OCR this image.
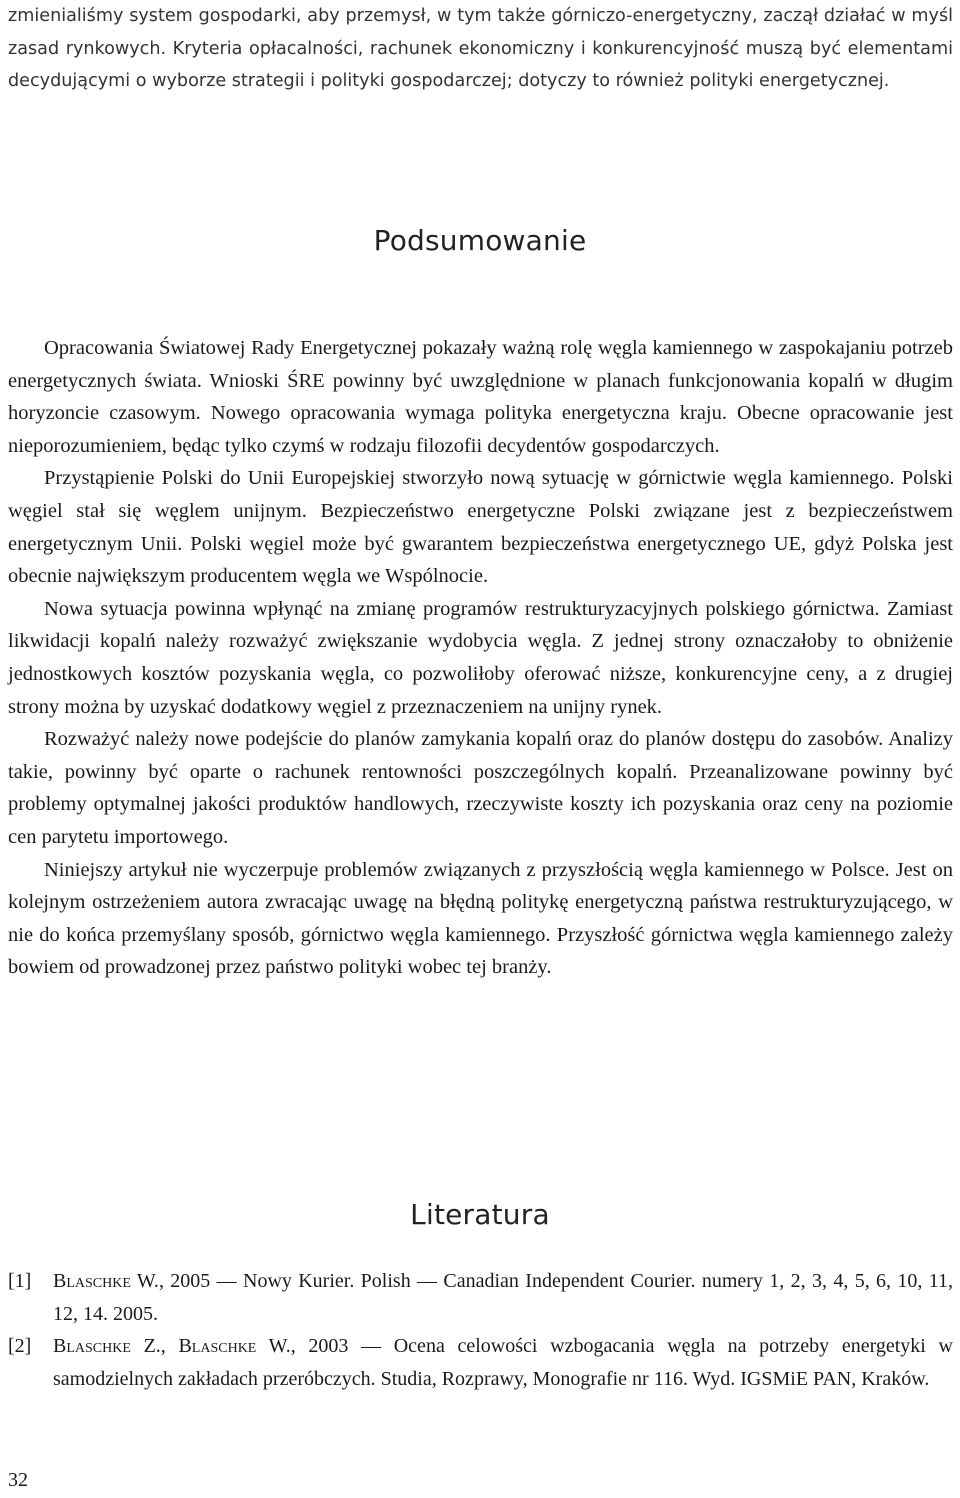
zmienialiśmy system gospodarki, aby przemysł, w tym także górniczo-energetyczny, zaczął działać w myśl zasad rynkowych. Kryteria opłacalności, rachunek ekonomiczny i konkurencyjność muszą być elementami decydującymi o wyborze strategii i polityki gospodarczej; dotyczy to również polityki energetycznej.

Podsumowanie

Opracowania Światowej Rady Energetycznej pokazały ważną rolę węgla kamiennego w zaspokajaniu potrzeb energetycznych świata. Wnioski ŚRE powinny być uwzględnione w planach funkcjonowania kopalń w długim horyzoncie czasowym. Nowego opracowania wymaga polityka energetyczna kraju. Obecne opracowanie jest nieporozumieniem, będąc tylko czymś w rodzaju filozofii decydentów gospodarczych.

Przystąpienie Polski do Unii Europejskiej stworzyło nową sytuację w górnictwie węgla kamiennego. Polski węgiel stał się węglem unijnym. Bezpieczeństwo energetyczne Polski związane jest z bezpieczeństwem energetycznym Unii. Polski węgiel może być gwarantem bezpieczeństwa energetycznego UE, gdyż Polska jest obecnie największym producentem węgla we Wspólnocie.

Nowa sytuacja powinna wpłynąć na zmianę programów restrukturyzacyjnych polskiego górnictwa. Zamiast likwidacji kopalń należy rozważyć zwiększanie wydobycia węgla. Z jednej strony oznaczałoby to obniżenie jednostkowych kosztów pozyskania węgla, co pozwoliłoby oferować niższe, konkurencyjne ceny, a z drugiej strony można by uzyskać dodatkowy węgiel z przeznaczeniem na unijny rynek.

Rozważyć należy nowe podejście do planów zamykania kopalń oraz do planów dostępu do zasobów. Analizy takie, powinny być oparte o rachunek rentowności poszczególnych kopalń. Przeanalizowane powinny być problemy optymalnej jakości produktów handlowych, rzeczywiste koszty ich pozyskania oraz ceny na poziomie cen parytetu importowego.

Niniejszy artykuł nie wyczerpuje problemów związanych z przyszłością węgla kamiennego w Polsce. Jest on kolejnym ostrzeżeniem autora zwracając uwagę na błędną politykę energetyczną państwa restrukturyzującego, w nie do końca przemyślany sposób, górnictwo węgla kamiennego. Przyszłość górnictwa węgla kamiennego zależy bowiem od prowadzonej przez państwo polityki wobec tej branży.

Literatura
[1] Blaschke W., 2005 — Nowy Kurier. Polish — Canadian Independent Courier. numery 1, 2, 3, 4, 5, 6, 10, 11, 12, 14. 2005.
[2] Blaschke Z., Blaschke W., 2003 — Ocena celowości wzbogacania węgla na potrzeby energetyki w samodzielnych zakładach przeróbczych. Studia, Rozprawy, Monografie nr 116. Wyd. IGSMiE PAN, Kraków.
32
